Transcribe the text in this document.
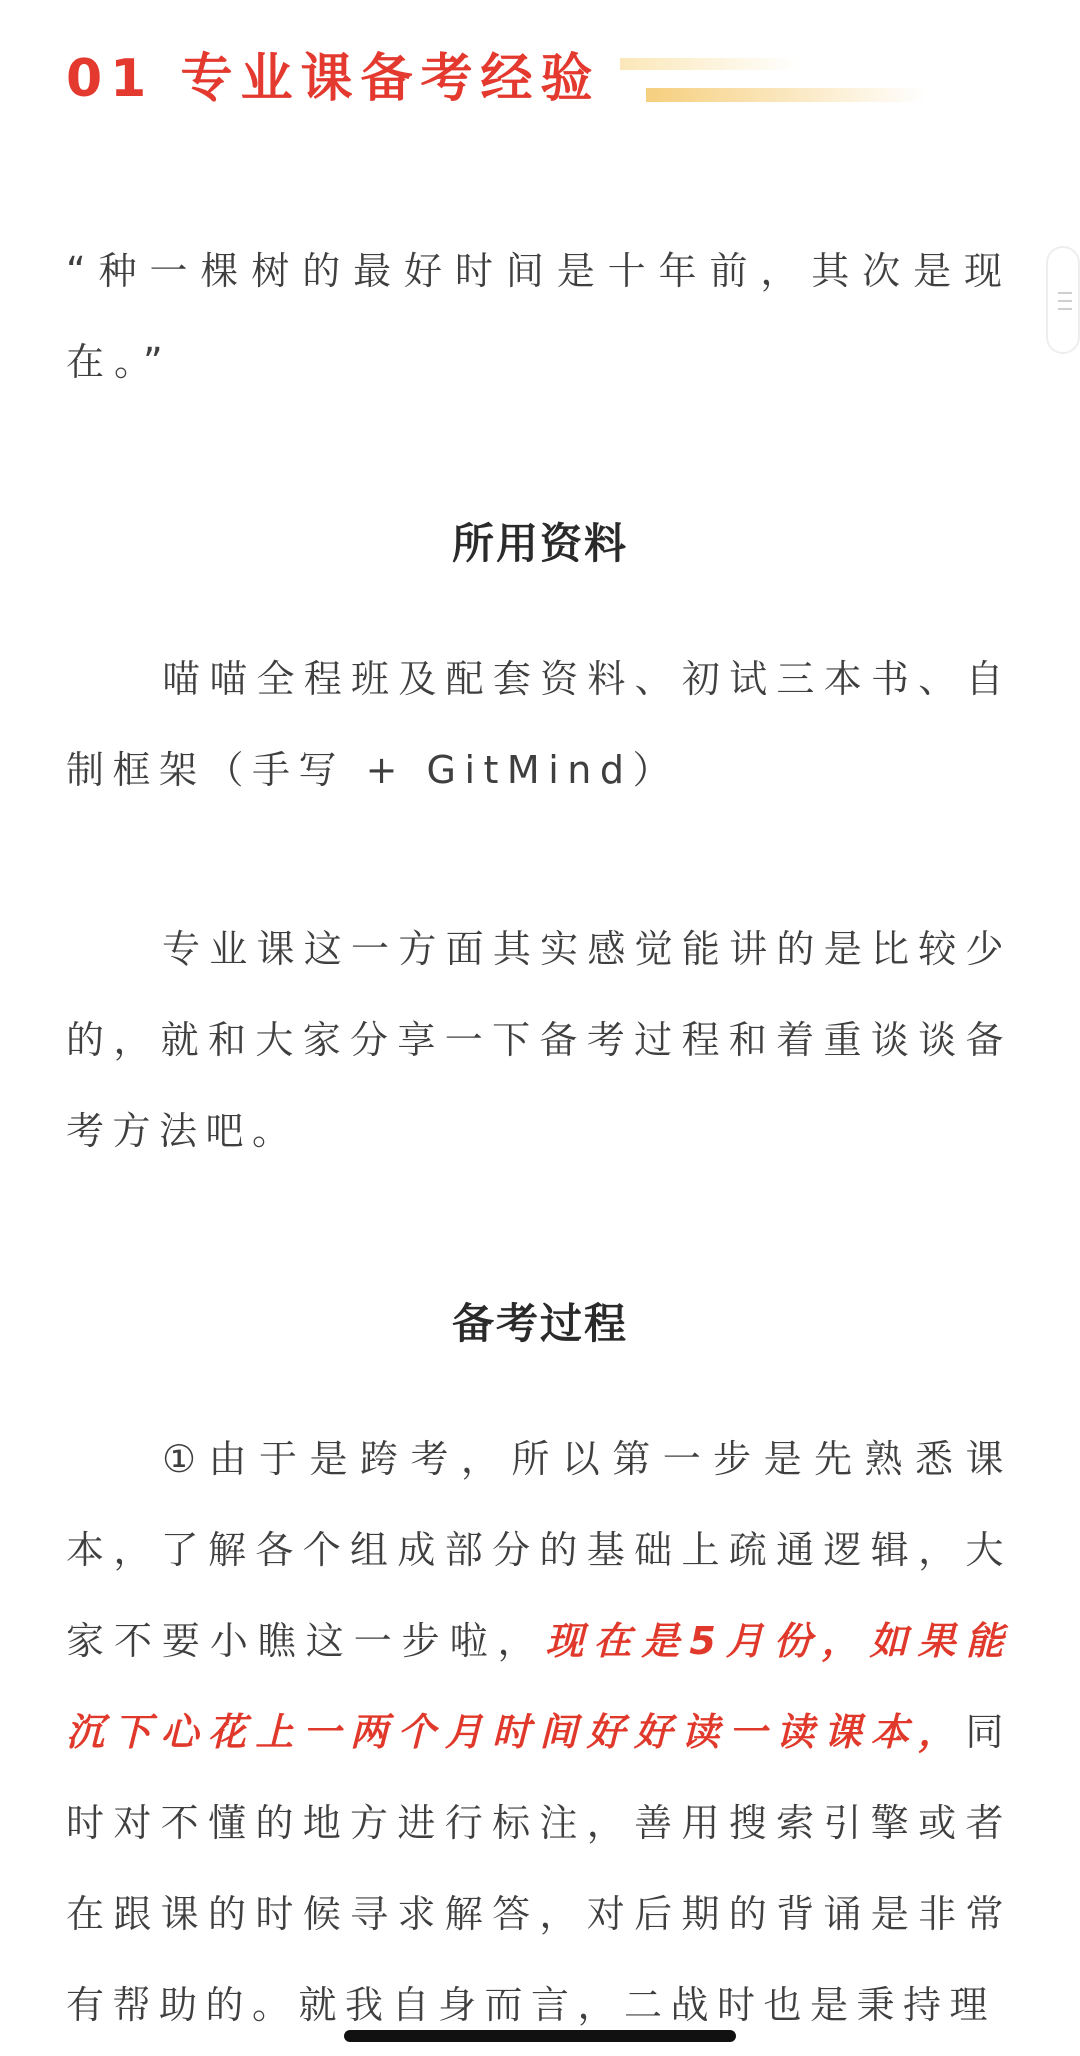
01 专业课备考经验

“种一棵树的最好时间是十年前，其次是现在。”

所用资料

喵喵全程班及配套资料、初试三本书、自制框架（手写 + GitMind）

专业课这一方面其实感觉能讲的是比较少的，就和大家分享一下备考过程和着重谈谈备考方法吧。

备考过程

①由于是跨考，所以第一步是先熟悉课本，了解各个组成部分的基础上疏通逻辑，大家不要小瞧这一步啦，现在是5月份，如果能沉下心花上一两个月时间好好读一读课本，同时对不懂的地方进行标注，善用搜索引擎或者在跟课的时候寻求解答，对后期的背诵是非常有帮助的。就我自身而言，二战时也是秉持理
